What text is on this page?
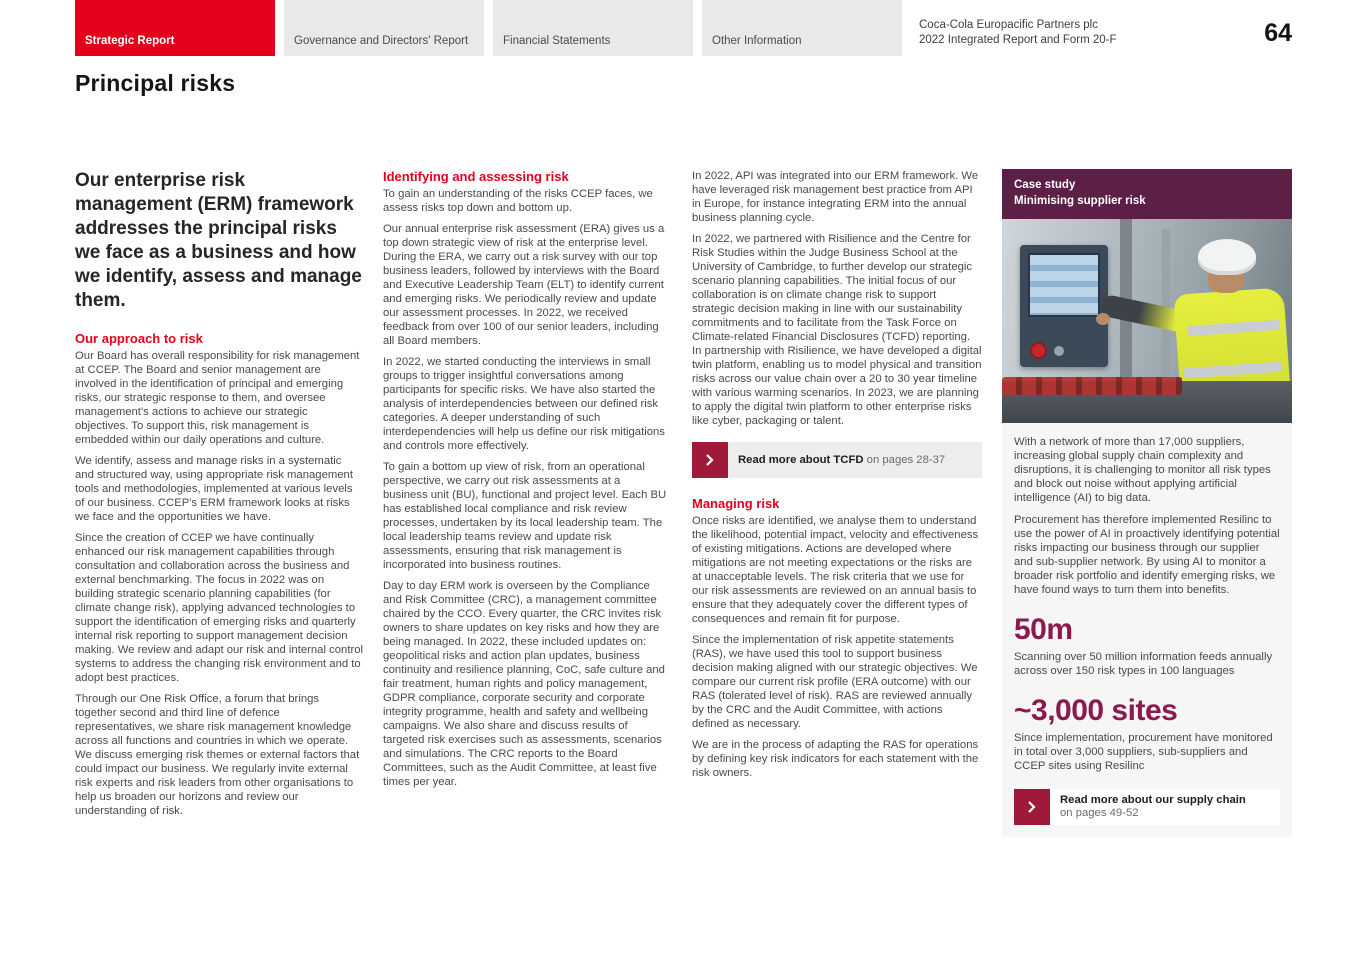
Strategic Report	Governance and Directors' Report	Financial Statements	Other Information
Coca-Cola Europacific Partners plc
2022 Integrated Report and Form 20-F	64
Principal risks
Our enterprise risk management (ERM) framework addresses the principal risks we face as a business and how we identify, assess and manage them.
Our approach to risk

Our Board has overall responsibility for risk management at CCEP. The Board and senior management are involved in the identification of principal and emerging risks, our strategic response to them, and oversee management's actions to achieve our strategic objectives. To support this, risk management is embedded within our daily operations and culture.

We identify, assess and manage risks in a systematic and structured way, using appropriate risk management tools and methodologies, implemented at various levels of our business. CCEP's ERM framework looks at risks we face and the opportunities we have.

Since the creation of CCEP we have continually enhanced our risk management capabilities through consultation and collaboration across the business and external benchmarking. The focus in 2022 was on building strategic scenario planning capabilities (for climate change risk), applying advanced technologies to support the identification of emerging risks and quarterly internal risk reporting to support management decision making. We review and adapt our risk and internal control systems to address the changing risk environment and to adopt best practices.

Through our One Risk Office, a forum that brings together second and third line of defence representatives, we share risk management knowledge across all functions and countries in which we operate. We discuss emerging risk themes or external factors that could impact our business. We regularly invite external risk experts and risk leaders from other organisations to help us broaden our horizons and review our understanding of risk.

Identifying and assessing risk

To gain an understanding of the risks CCEP faces, we assess risks top down and bottom up.

Our annual enterprise risk assessment (ERA) gives us a top down strategic view of risk at the enterprise level. During the ERA, we carry out a risk survey with our top business leaders, followed by interviews with the Board and Executive Leadership Team (ELT) to identify current and emerging risks. We periodically review and update our assessment processes. In 2022, we received feedback from over 100 of our senior leaders, including all Board members.

In 2022, we started conducting the interviews in small groups to trigger insightful conversations among participants for specific risks. We have also started the analysis of interdependencies between our defined risk categories. A deeper understanding of such interdependencies will help us define our risk mitigations and controls more effectively.

To gain a bottom up view of risk, from an operational perspective, we carry out risk assessments at a business unit (BU), functional and project level. Each BU has established local compliance and risk review processes, undertaken by its local leadership team. The local leadership teams review and update risk assessments, ensuring that risk management is incorporated into business routines.

Day to day ERM work is overseen by the Compliance and Risk Committee (CRC), a management committee chaired by the CCO. Every quarter, the CRC invites risk owners to share updates on key risks and how they are being managed. In 2022, these included updates on: geopolitical risks and action plan updates, business continuity and resilience planning, CoC, safe culture and fair treatment, human rights and policy management, GDPR compliance, corporate security and corporate integrity programme, health and safety and wellbeing campaigns. We also share and discuss results of targeted risk exercises such as assessments, scenarios and simulations. The CRC reports to the Board Committees, such as the Audit Committee, at least five times per year.

In 2022, API was integrated into our ERM framework. We have leveraged risk management best practice from API in Europe, for instance integrating ERM into the annual business planning cycle.

In 2022, we partnered with Risilience and the Centre for Risk Studies within the Judge Business School at the University of Cambridge, to further develop our strategic scenario planning capabilities. The initial focus of our collaboration is on climate change risk to support strategic decision making in line with our sustainability commitments and to facilitate from the Task Force on Climate-related Financial Disclosures (TCFD) reporting. In partnership with Risilience, we have developed a digital twin platform, enabling us to model physical and transition risks across our value chain over a 20 to 30 year timeline with various warming scenarios. In 2023, we are planning to apply the digital twin platform to other enterprise risks like cyber, packaging or talent.

Read more about TCFD on pages 28-37
Managing risk

Once risks are identified, we analyse them to understand the likelihood, potential impact, velocity and effectiveness of existing mitigations. Actions are developed where mitigations are not meeting expectations or the risks are at unacceptable levels. The risk criteria that we use for our risk assessments are reviewed on an annual basis to ensure that they adequately cover the different types of consequences and remain fit for purpose.

Since the implementation of risk appetite statements (RAS), we have used this tool to support business decision making aligned with our strategic objectives. We compare our current risk profile (ERA outcome) with our RAS (tolerated level of risk). RAS are reviewed annually by the CRC and the Audit Committee, with actions defined as necessary.

We are in the process of adapting the RAS for operations by defining key risk indicators for each statement with the risk owners.

Case study
Minimising supplier risk

With a network of more than 17,000 suppliers, increasing global supply chain complexity and disruptions, it is challenging to monitor all risk types and block out noise without applying artificial intelligence (AI) to big data.

Procurement has therefore implemented Resilinc to use the power of AI in proactively identifying potential risks impacting our business through our supplier and sub-supplier network. By using AI to monitor a broader risk portfolio and identify emerging risks, we have found ways to turn them into benefits.

50m
Scanning over 50 million information feeds annually across over 150 risk types in 100 languages
~3,000 sites
Since implementation, procurement have monitored in total over 3,000 suppliers, sub-suppliers and CCEP sites using Resilinc
Read more about our supply chain
on pages 49-52
